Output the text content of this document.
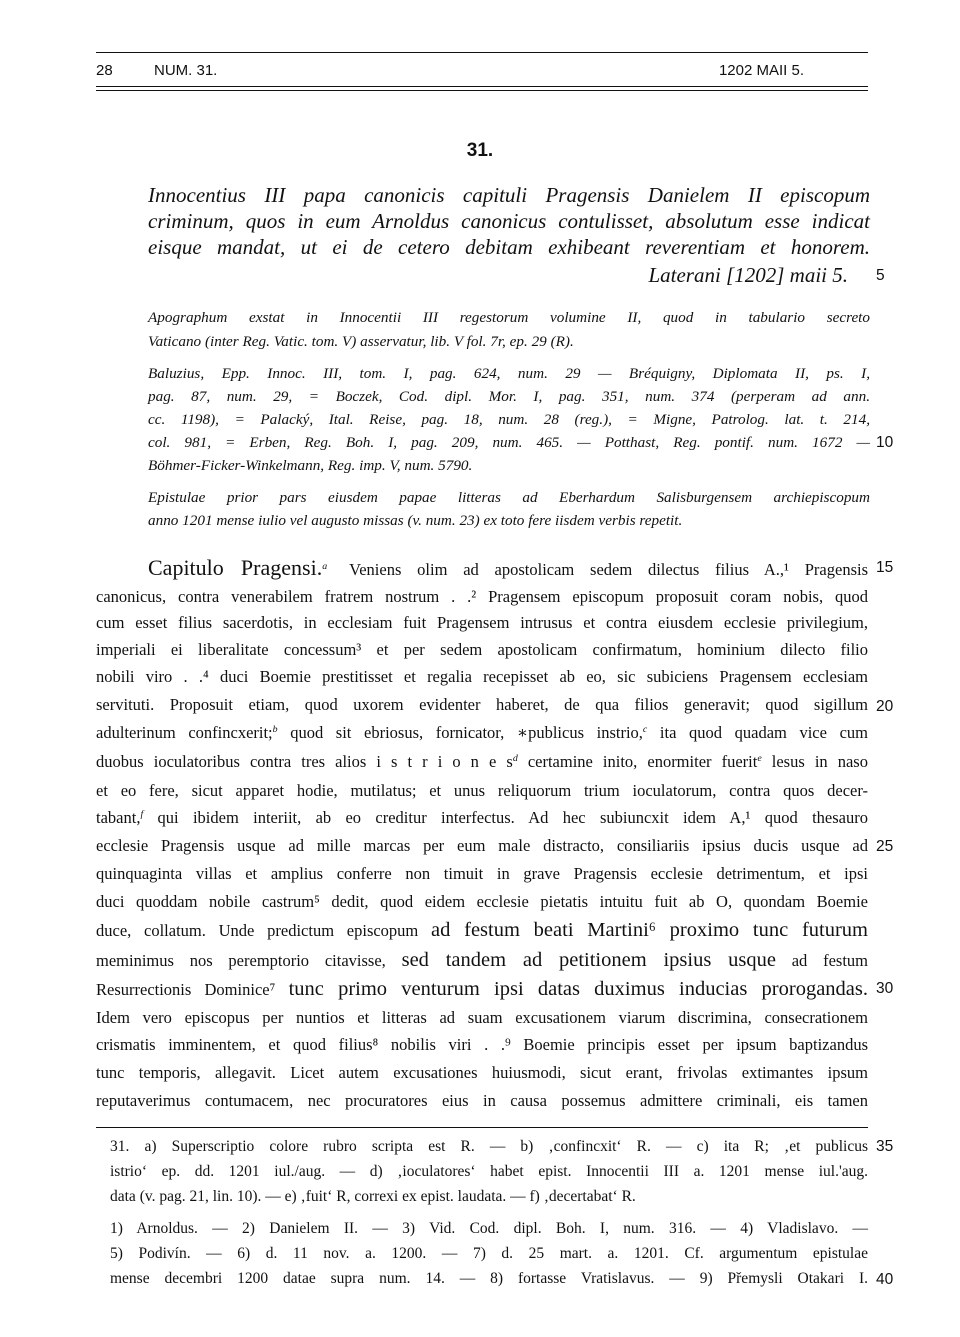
28	NUM. 31.	1202 MAII 5.
31.
Innocentius III papa canonicis capituli Pragensis Danielem II episcopum
criminum, quos in eum Arnoldus canonicus contulisset, absolutum esse indicat
eisque mandat, ut ei de cetero debitam exhibeant reverentiam et honorem.
Laterani [1202] maii 5.
Apographum exstat in Innocentii III regestorum volumine II, quod in tabulario secreto
Vaticano (inter Reg. Vatic. tom. V) asservatur, lib. V fol. 7r, ep. 29 (R).
Baluzius, Epp. Innoc. III, tom. I, pag. 624, num. 29 — Bréquigny, Diplomata II, ps. I,
pag. 87, num. 29, = Boczek, Cod. dipl. Mor. I, pag. 351, num. 374 (perperam ad ann.
cc. 1198), = Palacký, Ital. Reise, pag. 18, num. 28 (reg.), = Migne, Patrolog. lat. t. 214,
col. 981, = Erben, Reg. Boh. I, pag. 209, num. 465. — Potthast, Reg. pontif. num. 1672 —
Böhmer-Ficker-Winkelmann, Reg. imp. V, num. 5790.
Epistulae prior pars eiusdem papae litteras ad Eberhardum Salisburgensem archiepiscopum
anno 1201 mense iulio vel augusto missas (v. num. 23) ex toto fere iisdem verbis repetit.
Capitulo Pragensi.$^a$ Veniens olim ad apostolicam sedem dilectus filius A.,¹ Pragensis
canonicus, contra venerabilem fratrem nostrum . .² Pragensem episcopum proposuit coram nobis, quod
cum esset filius sacerdotis, in ecclesiam fuit Pragensem intrusus et contra eiusdem ecclesie privilegium,
imperiali ei liberalitate concessum³ et per sedem apostolicam confirmatum, hominium dilecto filio
nobili viro . .⁴ duci Boemie prestitisset et regalia recepisset ab eo, sic subiciens Pragensem ecclesiam
servituti. Proposuit etiam, quod uxorem evidenter haberet, de qua filios generavit; quod sigillum
adulterinum confincxerit;$^b$ quod sit ebriosus, fornicator, ∗publicus instrio,$^c$ ita quod quadam vice cum
duobus ioculatoribus contra tres alios i s t r i o n e $s^d$ certamine inito, enormiter fuerit$^e$ lesus in naso
et eo fere, sicut apparet hodie, mutilatus; et unus reliquorum trium ioculatorum, contra quos decer-
tabant,$^f$ qui ibidem interiit, ab eo creditur interfectus. Ad hec subiuncxit idem A,¹ quod thesauro
ecclesie Pragensis usque ad mille marcas per eum male distracto, consiliariis ipsius ducis usque ad
quinquaginta villas et amplius conferre non timuit in grave Pragensis ecclesie detrimentum, et ipsi
duci quoddam nobile castrum⁵ dedit, quod eidem ecclesie pietatis intuitu fuit ab O, quondam Boemie
duce, collatum. Unde predictum episcopum ad festum beati Martini⁶ proximo tunc futurum
meminimus nos peremptorio citavisse, sed tandem ad petitionem ipsius usque ad festum
Resurrectionis Dominice⁷ tunc primo venturum ipsi datas duximus inducias prorogandas.
Idem vero episcopus per nuntios et litteras ad suam excusationem viarum discrimina, consecrationem
crismatis imminentem, et quod filius⁸ nobilis viri . .⁹ Boemie principis esset per ipsum baptizandus
tunc temporis, allegavit. Licet autem excusationes huiusmodi, sicut erant, frivolas extimantes ipsum
reputaverimus contumacem, nec procuratores eius in causa possemus admittere criminali, eis tamen
5
10
15
20
25
30
35
40
31. a) Superscriptio colore rubro scripta est R. — b) ‚confincxit‘ R. — c) ita R; ‚et publicus
istrio‘ ep. dd. 1201 iul./aug. — d) ‚ioculatores‘ habet epist. Innocentii III a. 1201 mense iul.'aug.
data (v. pag. 21, lin. 10). — e) ‚fuit‘ R, correxi ex epist. laudata. — f) ‚decertabat‘ R.
1) Arnoldus. — 2) Danielem II. — 3) Vid. Cod. dipl. Boh. I, num. 316. — 4) Vladislavo. —
5) Podivín. — 6) d. 11 nov. a. 1200. — 7) d. 25 mart. a. 1201. Cf. argumentum epistulae
mense decembri 1200 datae supra num. 14. — 8) fortasse Vratislavus. — 9) Přemysli Otakari I.
